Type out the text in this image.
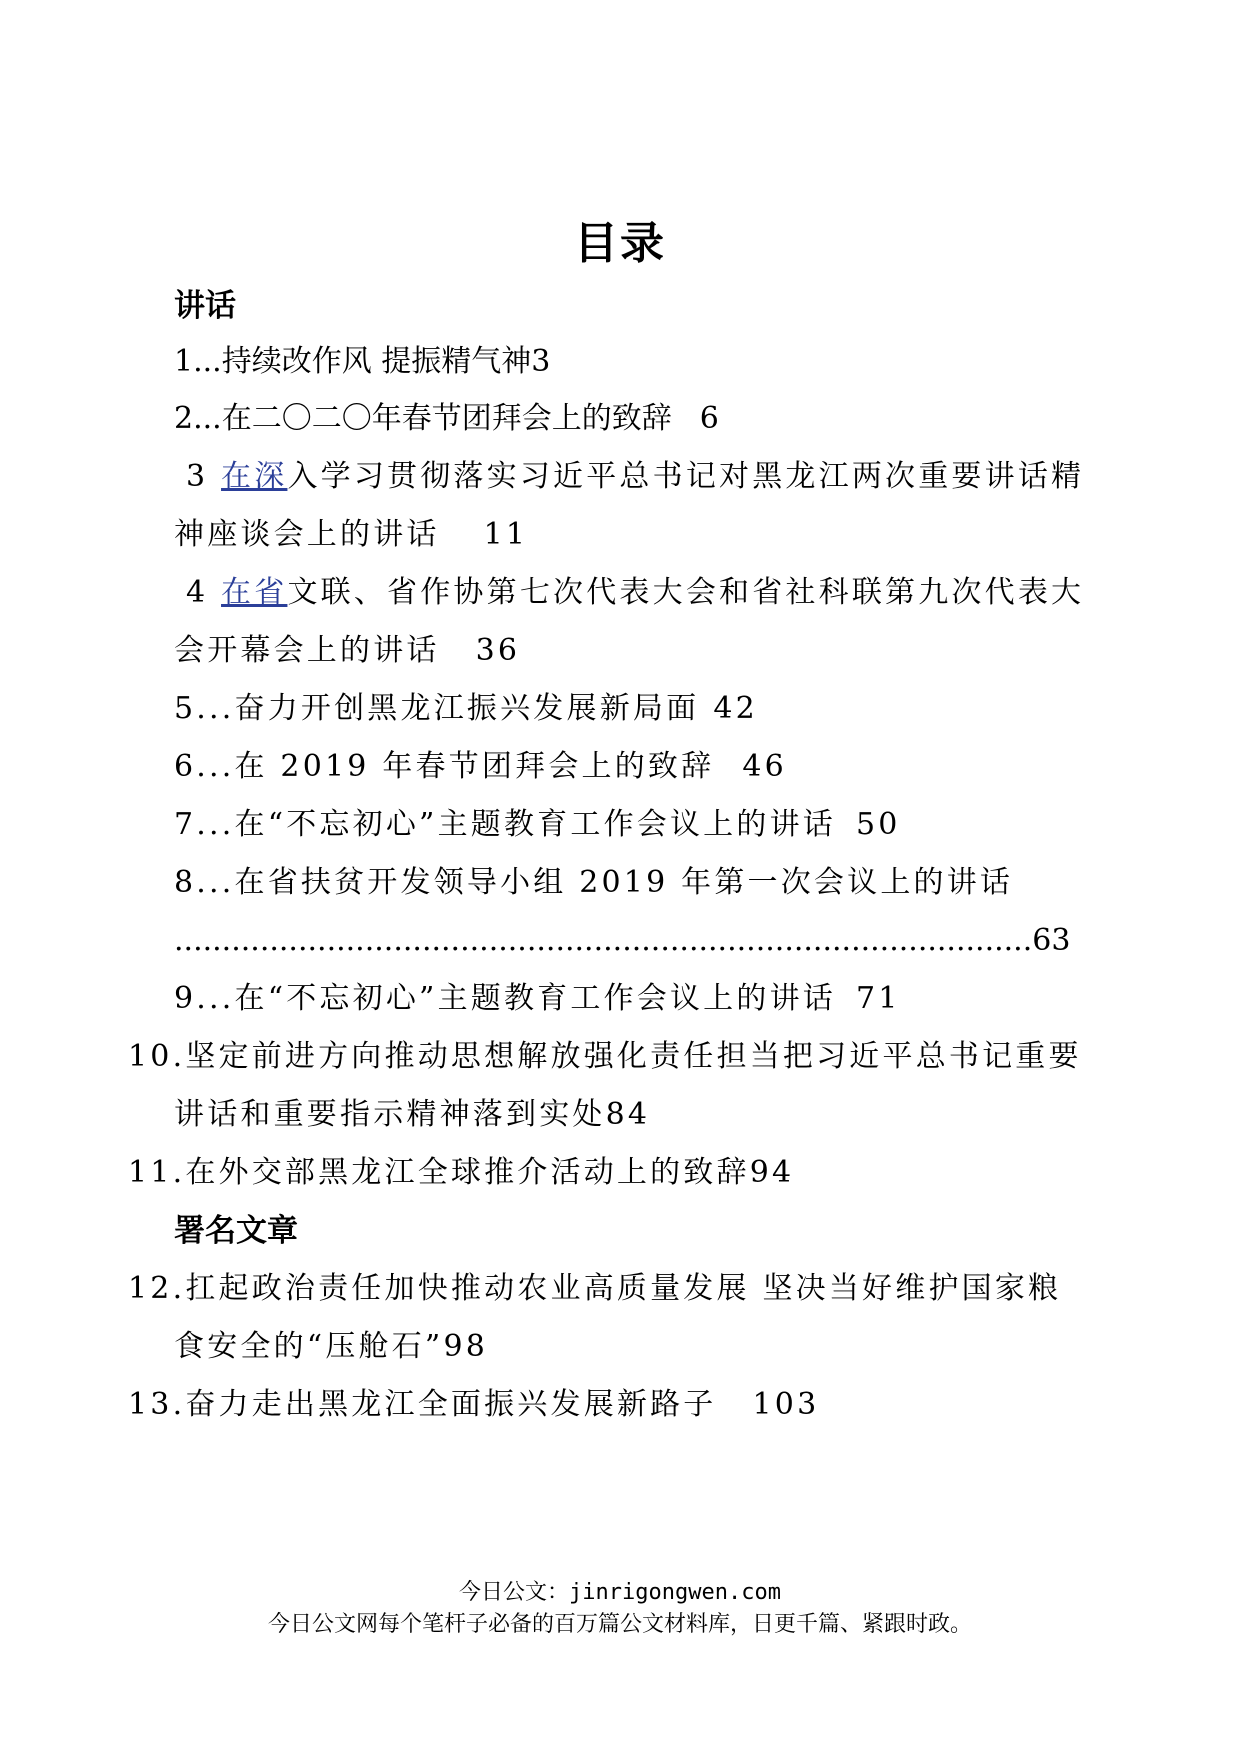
目录
讲话
1...持续改作风 提振精气神3
2...在二〇二〇年春节团拜会上的致辞 6
3 在深入学习贯彻落实习近平总书记对黑龙江两次重要讲话精
神座谈会上的讲话 11
4 在省文联、省作协第七次代表大会和省社科联第九次代表大
会开幕会上的讲话 36
5...奋力开创黑龙江振兴发展新局面 42
6...在 2019 年春节团拜会上的致辞 46
7...在“不忘初心”主题教育工作会议上的讲话 50
8...在省扶贫开发领导小组 2019 年第一次会议上的讲话
..........................................................................................63
9...在“不忘初心”主题教育工作会议上的讲话 71
10.坚定前进方向推动思想解放强化责任担当把习近平总书记重要
讲话和重要指示精神落到实处84
11.在外交部黑龙江全球推介活动上的致辞94
署名文章
12.扛起政治责任加快推动农业高质量发展 坚决当好维护国家粮
食安全的“压舱石”98
13.奋力走出黑龙江全面振兴发展新路子 103
今日公文：jinrigongwen.com
今日公文网每个笔杆子必备的百万篇公文材料库，日更千篇、紧跟时政。
